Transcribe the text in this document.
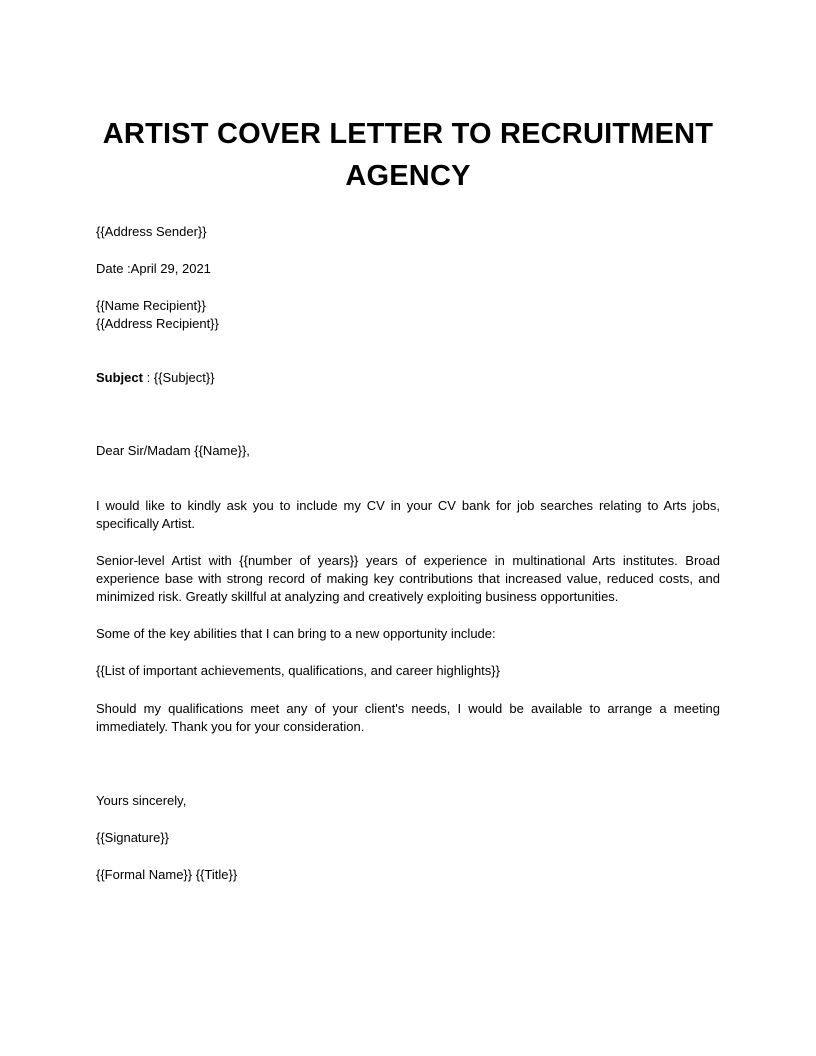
ARTIST COVER LETTER TO RECRUITMENT AGENCY
{{Address Sender}}
Date :April 29, 2021
{{Name Recipient}}
{{Address Recipient}}
Subject : {{Subject}}
Dear Sir/Madam {{Name}},
I would like to kindly ask you to include my CV in your CV bank for job searches relating to Arts jobs, specifically Artist.
Senior-level Artist with {{number of years}} years of experience in multinational Arts institutes. Broad experience base with strong record of making key contributions that increased value, reduced costs, and minimized risk. Greatly skillful at analyzing and creatively exploiting business opportunities.
Some of the key abilities that I can bring to a new opportunity include:
{{List of important achievements, qualifications, and career highlights}}
Should my qualifications meet any of your client's needs, I would be available to arrange a meeting immediately. Thank you for your consideration.
Yours sincerely,
{{Signature}}
{{Formal Name}} {{Title}}
